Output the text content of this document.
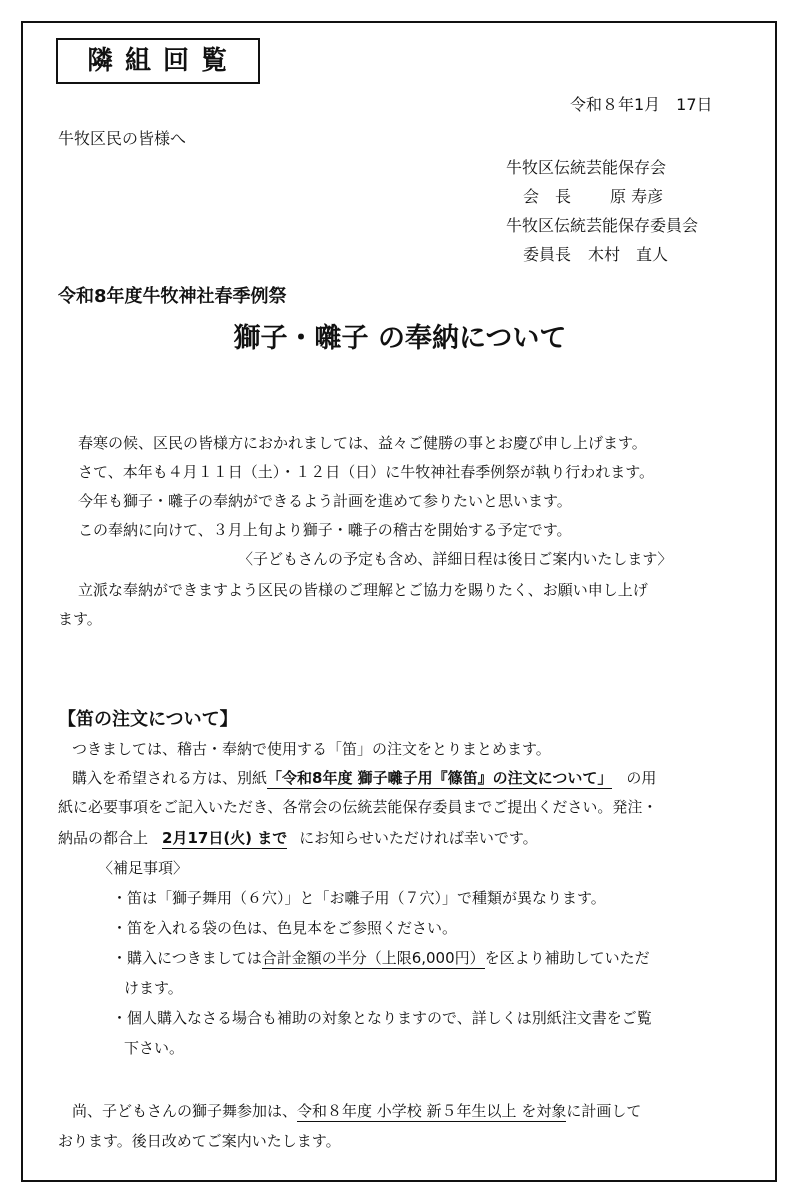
隣組回覧
令和８年1月　17日
牛牧区民の皆様へ
牛牧区伝統芸能保存会
会　長 原 寿彦
牛牧区伝統芸能保存委員会
委員長 木村　直人
令和8年度牛牧神社春季例祭
獅子・囃子 の奉納について
春寒の候、区民の皆様方におかれましては、益々ご健勝の事とお慶び申し上げます。
さて、本年も４月１１日（土）・１２日（日）に牛牧神社春季例祭が執り行われます。
今年も獅子・囃子の奉納ができるよう計画を進めて参りたいと思います。
この奉納に向けて、３月上旬より獅子・囃子の稽古を開始する予定です。
〈子どもさんの予定も含め、詳細日程は後日ご案内いたします〉
立派な奉納ができますよう区民の皆様のご理解とご協力を賜りたく、お願い申し上げ
ます。
【笛の注文について】
つきましては、稽古・奉納で使用する「笛」の注文をとりまとめます。
購入を希望される方は、別紙「令和8年度 獅子囃子用『篠笛』の注文について」 の用
紙に必要事項をご記入いただき、各常会の伝統芸能保存委員までご提出ください。発注・
納品の都合上 2月17日(火) まで にお知らせいただければ幸いです。
〈補足事項〉
・笛は「獅子舞用（６穴）」と「お囃子用（７穴）」で種類が異なります。
・笛を入れる袋の色は、色見本をご参照ください。
・購入につきましては合計金額の半分（上限6,000円）を区より補助していただ
けます。
・個人購入なさる場合も補助の対象となりますので、詳しくは別紙注文書をご覧
下さい。
尚、子どもさんの獅子舞参加は、令和８年度 小学校 新５年生以上 を対象に計画して
おります。後日改めてご案内いたします。
